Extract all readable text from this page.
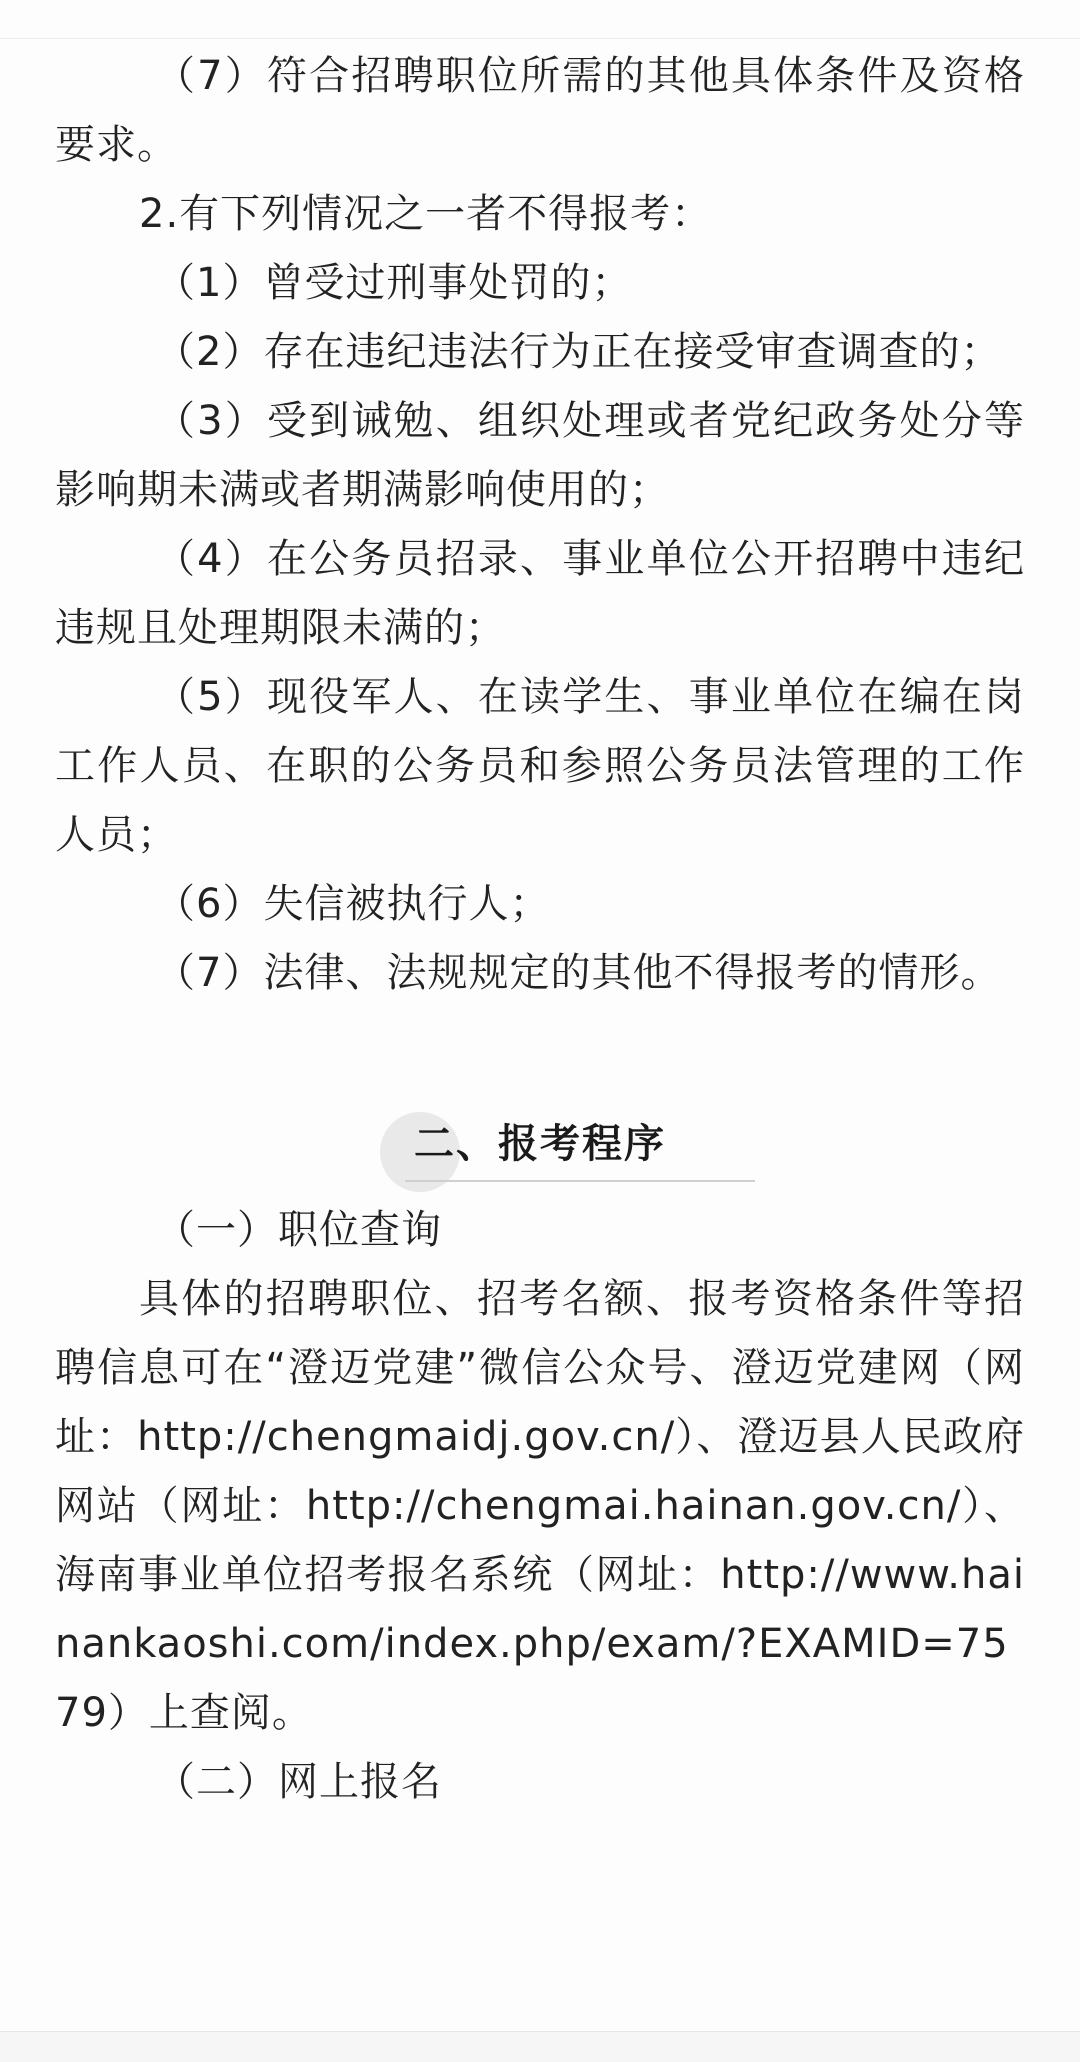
（7）符合招聘职位所需的其他具体条件及资格要求。

2.有下列情况之一者不得报考：

（1）曾受过刑事处罚的；

（2）存在违纪违法行为正在接受审查调查的；

（3）受到诫勉、组织处理或者党纪政务处分等影响期未满或者期满影响使用的；

（4）在公务员招录、事业单位公开招聘中违纪违规且处理期限未满的；

（5）现役军人、在读学生、事业单位在编在岗工作人员、在职的公务员和参照公务员法管理的工作人员；

（6）失信被执行人；

（7）法律、法规规定的其他不得报考的情形。

二、报考程序

（一）职位查询

具体的招聘职位、招考名额、报考资格条件等招聘信息可在“澄迈党建”微信公众号、澄迈党建网（网址：http://chengmaidj.gov.cn/）、澄迈县人民政府网站（网址：http://chengmai.hainan.gov.cn/）、海南事业单位招考报名系统（网址：http://www.hainankaoshi.com/index.php/exam/?EXAMID=7579）上查阅。

（二）网上报名
